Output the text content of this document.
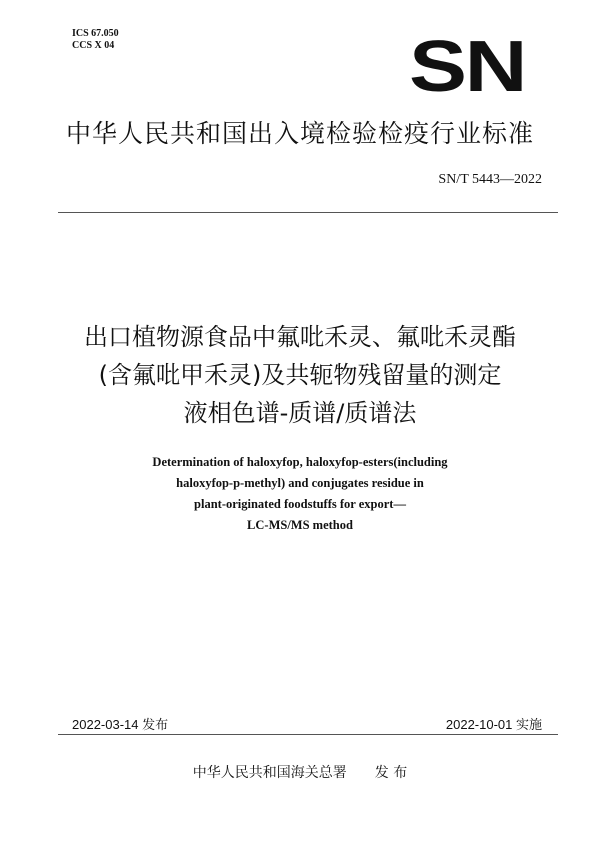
ICS 67.050
CCS X 04	SN
中华人民共和国出入境检验检疫行业标准
SN/T 5443—2022
出口植物源食品中氟吡禾灵、氟吡禾灵酯
(含氟吡甲禾灵)及共轭物残留量的测定
液相色谱-质谱/质谱法
Determination of haloxyfop, haloxyfop-esters(including
haloxyfop-p-methyl) and conjugates residue in
plant-originated foodstuffs for export—
LC-MS/MS method
2022-03-14 发布	2022-10-01 实施
中华人民共和国海关总署 发 布
